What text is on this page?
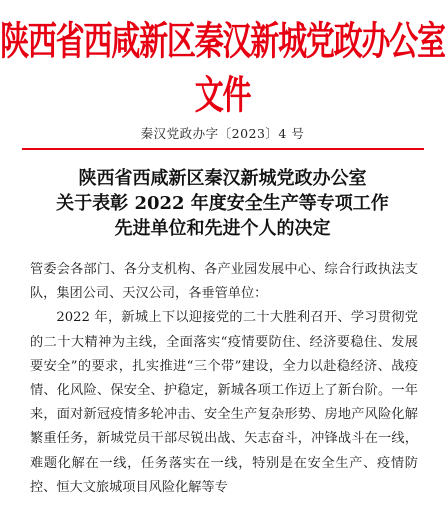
陕西省西咸新区秦汉新城党政办公室文件
秦汉党政办字〔2023〕4 号
陕西省西咸新区秦汉新城党政办公室
关于表彰 2022 年度安全生产等专项工作
先进单位和先进个人的决定

管委会各部门、各分支机构、各产业园发展中心、综合行政执法支队，集团公司、天汉公司，各垂管单位：

2022 年，新城上下以迎接党的二十大胜利召开、学习贯彻党的二十大精神为主线，全面落实“疫情要防住、经济要稳住、发展要安全”的要求，扎实推进“三个带”建设，全力以赴稳经济、战疫情、化风险、保安全、护稳定，新城各项工作迈上了新台阶。一年来，面对新冠疫情多轮冲击、安全生产复杂形势、房地产风险化解繁重任务，新城党员干部尽锐出战、矢志奋斗，冲锋战斗在一线，难题化解在一线，任务落实在一线，特别是在安全生产、疫情防控、恒大文旅城项目风险化解等专
